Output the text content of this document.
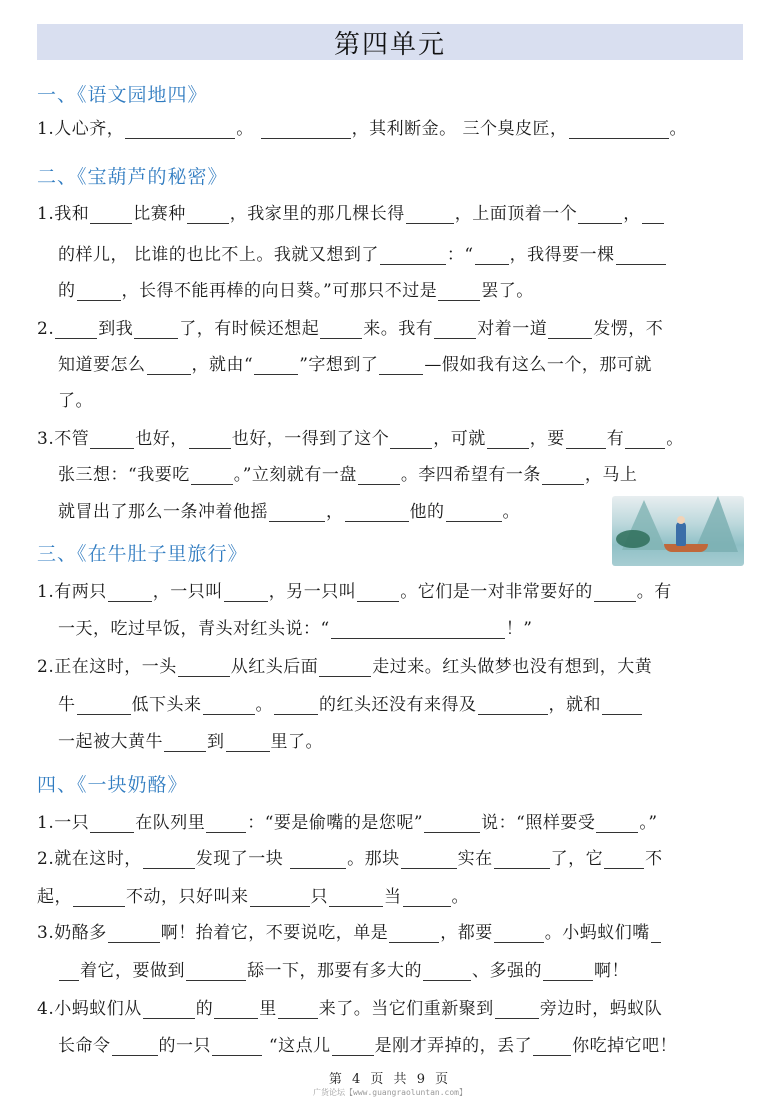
第四单元
一、《语文园地四》
二、《宝葫芦的秘密》
三、《在牛肚子里旅行》
四、《一块奶酪》
1.人心齐，	。	，其利断金。 三个臭皮匠，	。
1.我和	比赛种	，我家里的那几棵长得	，上面顶着一个	，
的样儿， 比谁的也比不上。我就又想到了	：“ ，我得要一棵
的	，长得不能再棒的向日葵。”可那只不过是	罢了。
2.	到我	了，有时候还想起	来。我有	对着一道	发愣，不
知道要怎么	，就由“	”字想到了	—假如我有这么一个，那可就
了。
3.不管	也好，	也好，一得到了这个	，可就	，要 有 。
张三想：“我要吃	。”立刻就有一盘	。李四希望有一条	，马上
就冒出了那么一条冲着他摇	，	他的	。
1.有两只	，一只叫	，另一只叫	。它们是一对非常要好的	。有
一天，吃过早饭，青头对红头说：“	！”
2.正在这时，一头	从红头后面	走过来。红头做梦也没有想到，大黄
牛	低下头来	。	的红头还没有来得及	，就和
一起被大黄牛	到	里了。
1.一只	在队列里 ：“要是偷嘴的是您呢”	说：“照样要受	。”
2.就在这时，	发现了一块	。那块	实在	了，它 不
起，	不动，只好叫来	只	当	。
3.奶酪多	啊！抬着它，不要说吃，单是	，都要	。小蚂蚁们嘴
着它，要做到	舔一下，那要有多大的	、多强的	啊！
4.小蚂蚁们从	的	里 来了。当它们重新聚到	旁边时，蚂蚁队
长命令	的一只	“这点儿	是刚才弄掉的，丢了 你吃掉它吧！
第 4 页 共 9 页
广货论坛【www.guangraoluntan.com】
